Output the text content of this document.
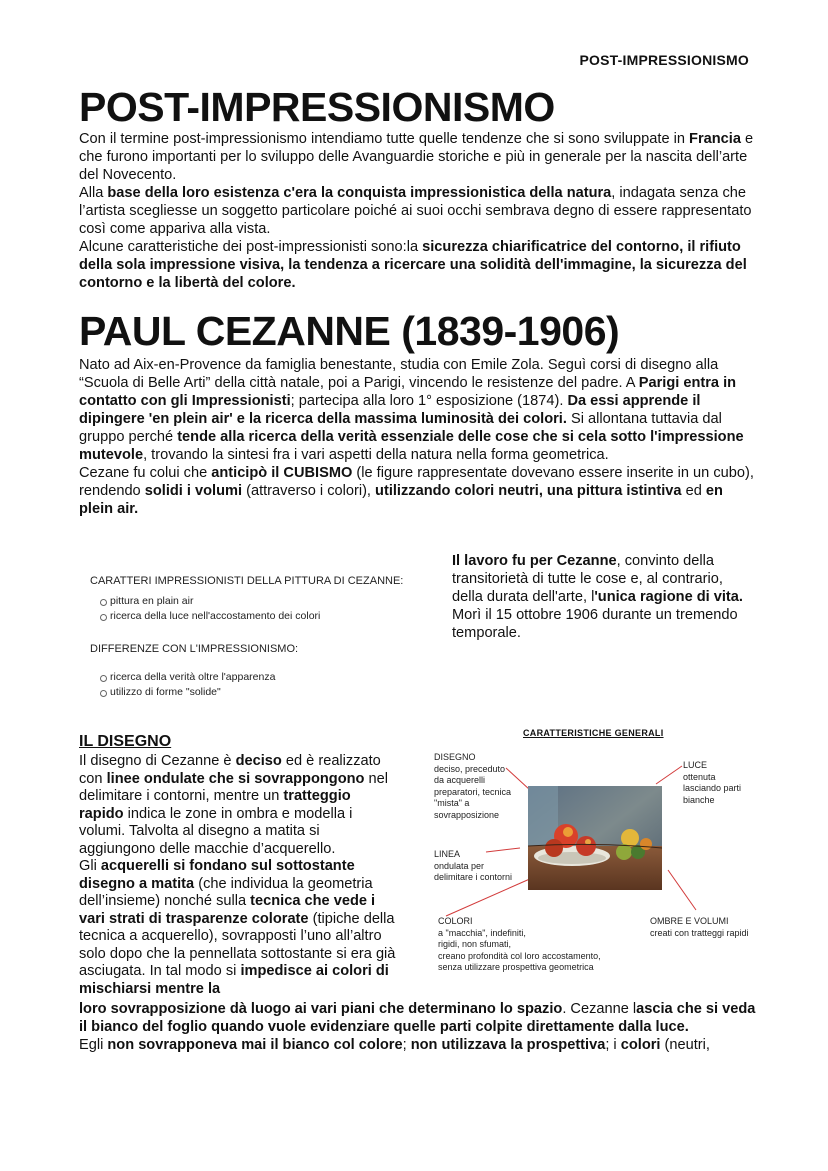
POST-IMPRESSIONISMO
POST-IMPRESSIONISMO
Con il termine post-impressionismo intendiamo tutte quelle tendenze che si sono sviluppate in Francia e che furono importanti per lo sviluppo delle Avanguardie storiche e più in generale per la nascita dell’arte del Novecento.
Alla base della loro esistenza c'era la conquista impressionistica della natura, indagata senza che l’artista scegliesse un soggetto particolare poiché ai suoi occhi sembrava degno di essere rappresentato così come appariva alla vista.
Alcune caratteristiche dei post-impressionisti sono:la sicurezza chiarificatrice del contorno, il rifiuto della sola impressione visiva, la tendenza a ricercare una solidità dell'immagine, la sicurezza del contorno e la libertà del colore.
PAUL CEZANNE (1839-1906)
Nato ad Aix-en-Provence da famiglia benestante, studia con Emile Zola. Seguì corsi di disegno alla “Scuola di Belle Arti” della città natale, poi a Parigi, vincendo le resistenze del padre. A Parigi entra in contatto con gli Impressionisti; partecipa alla loro 1° esposizione (1874). Da essi apprende il dipingere 'en plein air' e la ricerca della massima luminosità dei colori. Si allontana tuttavia dal gruppo perché tende alla ricerca della verità essenziale delle cose che si cela sotto l'impressione mutevole, trovando la sintesi fra i vari aspetti della natura nella forma geometrica.
Cezane fu colui che anticipò il CUBISMO (le figure rappresentate dovevano essere inserite in un cubo), rendendo solidi i volumi (attraverso i colori), utilizzando colori neutri, una pittura istintiva ed en plein air.
CARATTERI IMPRESSIONISTI DELLA PITTURA DI CEZANNE:
pittura en plain air
ricerca della luce nell'accostamento dei colori
DIFFERENZE CON L'IMPRESSIONISMO:
ricerca della verità oltre l'apparenza
utilizzo di forme "solide"
Il lavoro fu per Cezanne, convinto della transitorietà di tutte le cose e, al contrario, della durata dell'arte, l'unica ragione di vita.
Morì il 15 ottobre 1906 durante un tremendo temporale.
IL DISEGNO
Il disegno di Cezanne è deciso ed è realizzato con linee ondulate che si sovrappongono nel delimitare i contorni, mentre un tratteggio rapido indica le zone in ombra e modella i volumi. Talvolta al disegno a matita si aggiungono delle macchie d’acquerello.
Gli acquerelli si fondano sul sottostante disegno a matita (che individua la geometria dell’insieme) nonché sulla tecnica che vede i vari strati di trasparenze colorate (tipiche della tecnica a acquerello), sovrapposti l’uno all’altro solo dopo che la pennellata sottostante si era già asciugata. In tal modo si impedisce ai colori di mischiarsi mentre la
loro sovrapposizione dà luogo ai vari piani che determinano lo spazio. Cezanne lascia che si veda il bianco del foglio quando vuole evidenziare quelle parti colpite direttamente dalla luce.
Egli non sovrapponeva mai il bianco col colore; non utilizzava la prospettiva; i colori (neutri,
CARATTERISTICHE GENERALI
DISEGNO
deciso, preceduto
da acquerelli
preparatori, tecnica
"mista" a
sovrapposizione
LUCE
ottenuta
lasciando parti
bianche
LINEA
ondulata per
delimitare i contorni
COLORI
a "macchia", indefiniti,
rigidi, non sfumati,
creano profondità col loro accostamento,
senza utilizzare prospettiva geometrica
OMBRE E VOLUMI
creati con tratteggi rapidi
